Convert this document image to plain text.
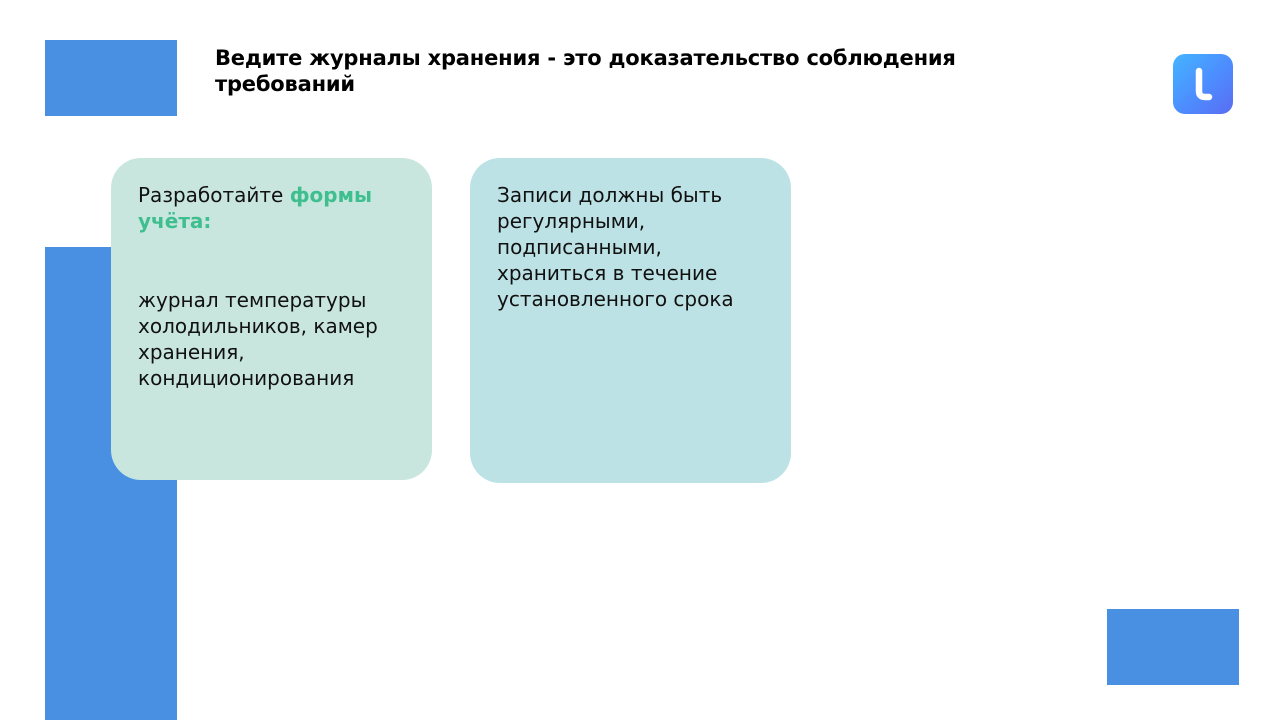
Ведите журналы хранения - это доказательство соблюдения требований

Разработайте формы учёта:

журнал температуры холодильников, камер хранения, кондиционирования

Записи должны быть регулярными, подписанными, храниться в течение установленного срока
